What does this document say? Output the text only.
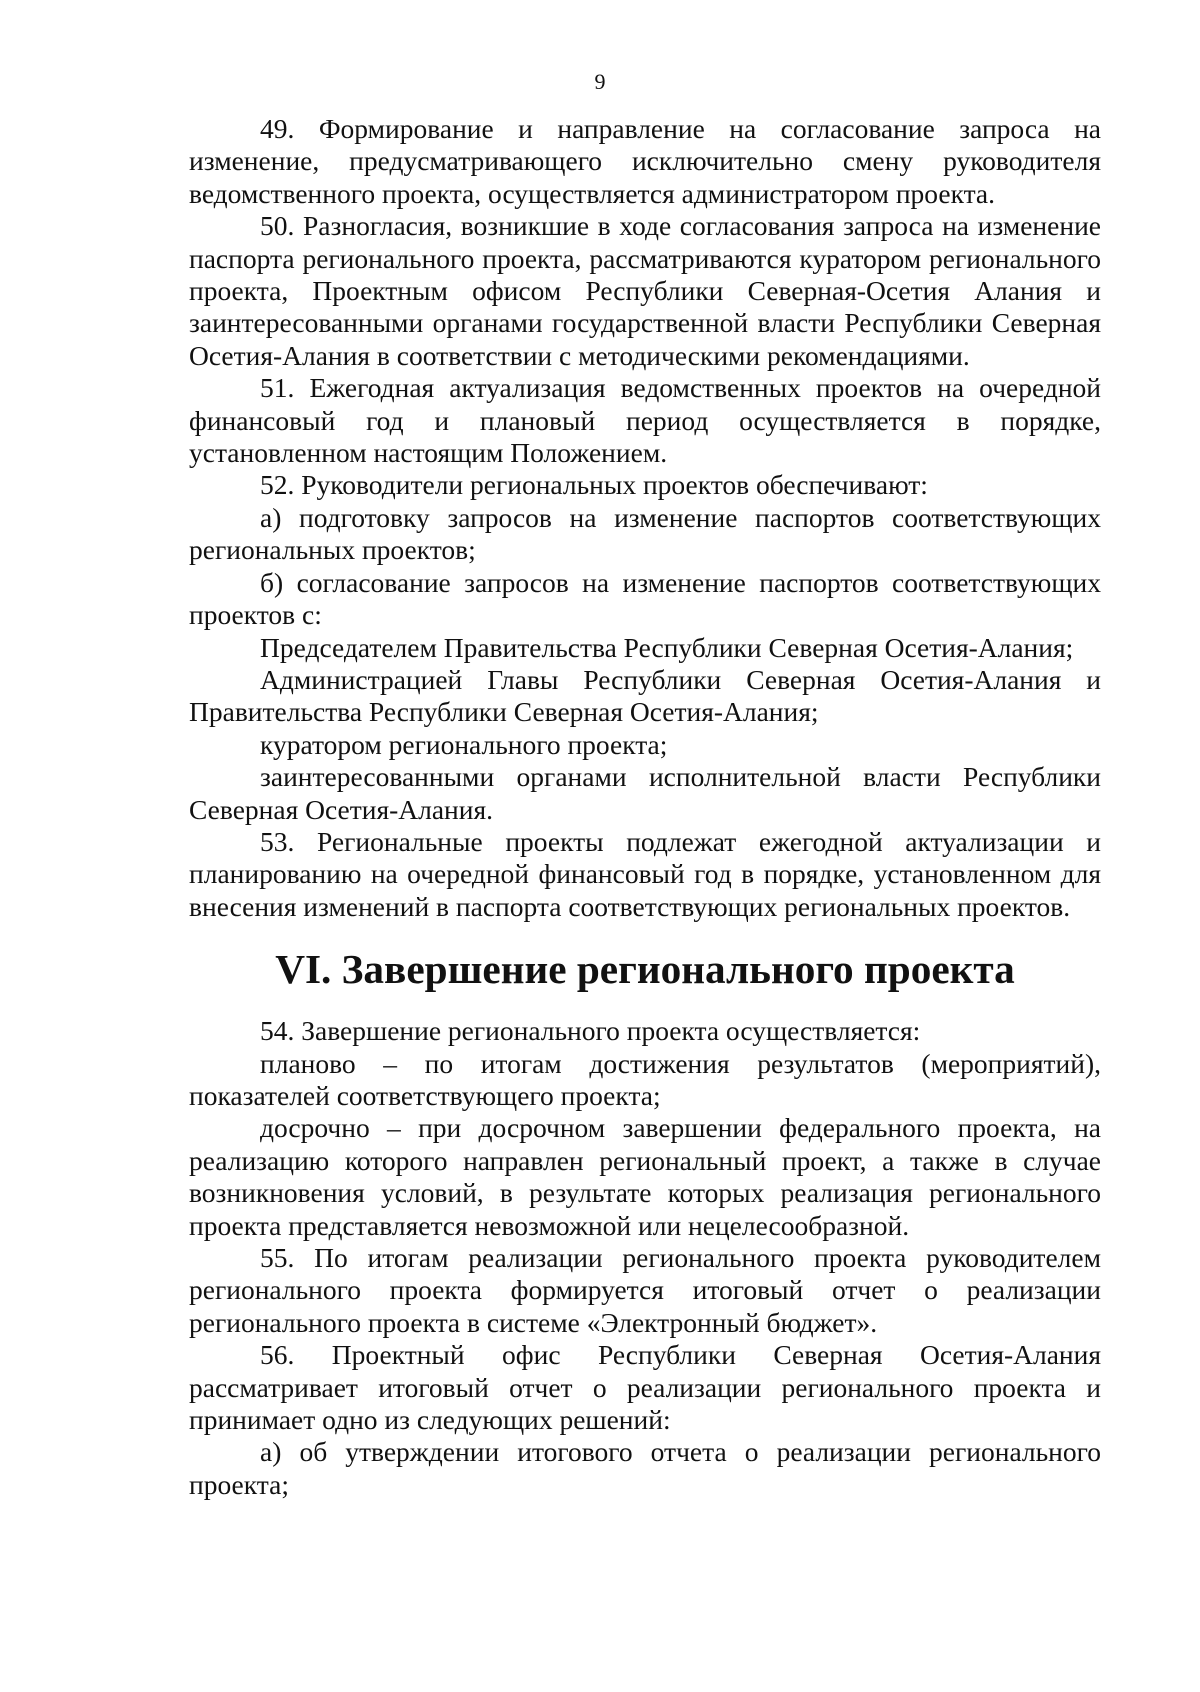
9

49. Формирование и направление на согласование запроса на изменение, предусматривающего исключительно смену руководителя ведомственного проекта, осуществляется администратором проекта.

50. Разногласия, возникшие в ходе согласования запроса на изменение паспорта регионального проекта, рассматриваются куратором регионального проекта, Проектным офисом Республики Северная-Осетия Алания и заинтересованными органами государственной власти Республики Северная Осетия-Алания в соответствии с методическими рекомендациями.

51. Ежегодная актуализация ведомственных проектов на очередной финансовый год и плановый период осуществляется в порядке, установленном настоящим Положением.

52. Руководители региональных проектов обеспечивают:

а) подготовку запросов на изменение паспортов соответствующих региональных проектов;

б) согласование запросов на изменение паспортов соответствующих проектов с:

Председателем Правительства Республики Северная Осетия-Алания;

Администрацией Главы Республики Северная Осетия-Алания и Правительства Республики Северная Осетия-Алания;

куратором регионального проекта;

заинтересованными органами исполнительной власти Республики Северная Осетия-Алания.

53. Региональные проекты подлежат ежегодной актуализации и планированию на очередной финансовый год в порядке, установленном для внесения изменений в паспорта соответствующих региональных проектов.

VI. Завершение регионального проекта

54. Завершение регионального проекта осуществляется:

планово – по итогам достижения результатов (мероприятий), показателей соответствующего проекта;

досрочно – при досрочном завершении федерального проекта, на реализацию которого направлен региональный проект, а также в случае возникновения условий, в результате которых реализация регионального проекта представляется невозможной или нецелесообразной.

55. По итогам реализации регионального проекта руководителем регионального проекта формируется итоговый отчет о реализации регионального проекта в системе «Электронный бюджет».

56. Проектный офис Республики Северная Осетия-Алания рассматривает итоговый отчет о реализации регионального проекта и принимает одно из следующих решений:

а) об утверждении итогового отчета о реализации регионального проекта;
